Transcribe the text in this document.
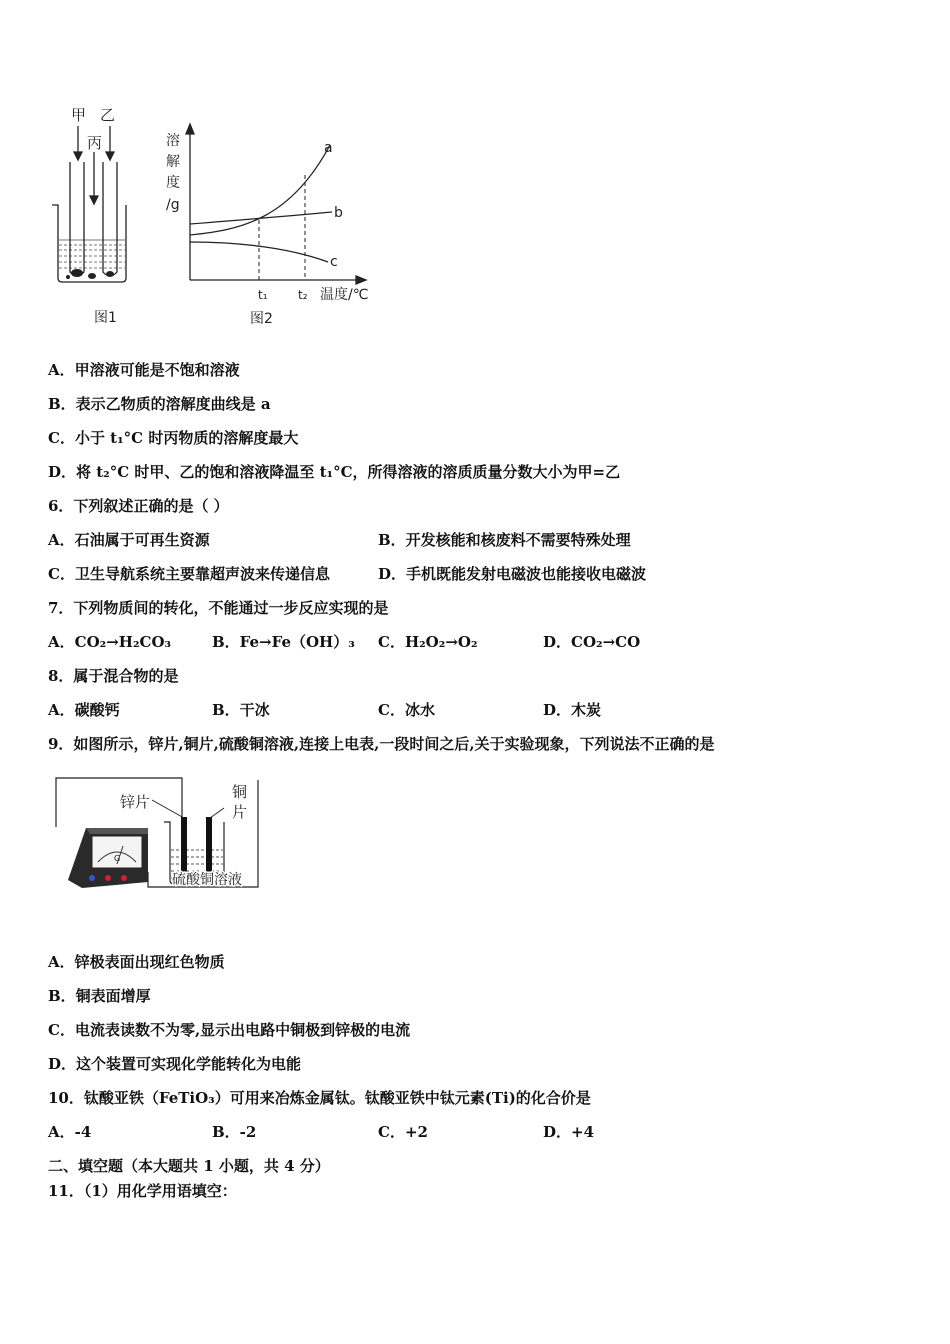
甲 乙
丙
图1
溶
解
度
/g
a
b
c
t₁	t₂ 温度/℃
图2
A．甲溶液可能是不饱和溶液
B．表示乙物质的溶解度曲线是 a
C．小于 t₁°C 时丙物质的溶解度最大
D．将 t₂°C 时甲、乙的饱和溶液降温至 t₁°C，所得溶液的溶质质量分数大小为甲=乙
6．下列叙述正确的是（ ）
A．石油属于可再生资源	B．开发核能和核废料不需要特殊处理
C．卫生导航系统主要靠超声波来传递信息	D．手机既能发射电磁波也能接收电磁波
7．下列物质间的转化，不能通过一步反应实现的是
A．CO₂→H₂CO₃	B．Fe→Fe（OH）₃ C．H₂O₂→O₂	D．CO₂→CO
8．属于混合物的是
A．碳酸钙	B．干冰	C．冰水	D．木炭
9．如图所示，锌片,铜片,硫酸铜溶液,连接上电表,一段时间之后,关于实验现象，下列说法不正确的是
G
锌片
铜
片
硫酸铜溶液
A．锌极表面出现红色物质
B．铜表面增厚
C．电流表读数不为零,显示出电路中铜极到锌极的电流
D．这个装置可实现化学能转化为电能
10．钛酸亚铁（FeTiO₃）可用来冶炼金属钛。钛酸亚铁中钛元素(Ti)的化合价是
A．-4	B．-2	C．+2	D．+4
二、填空题（本大题共 1 小题，共 4 分）
11．（1）用化学用语填空：
